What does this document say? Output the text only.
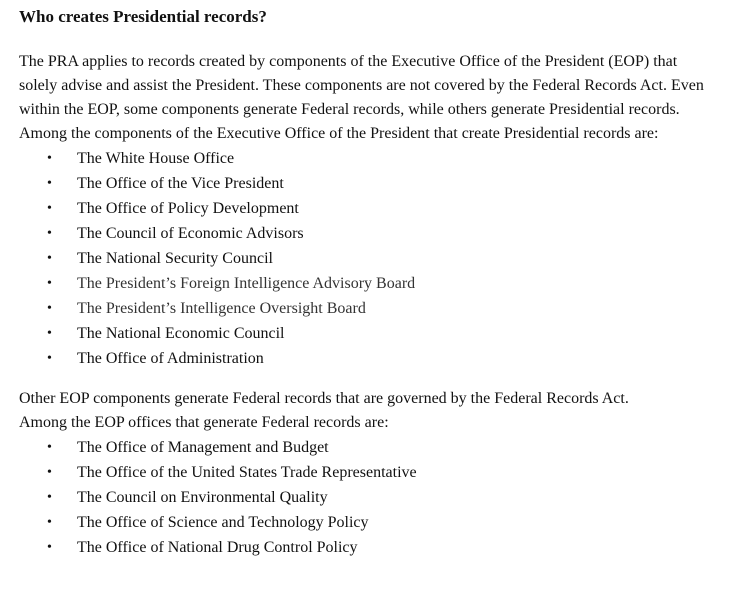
Who creates Presidential records?

The PRA applies to records created by components of the Executive Office of the President (EOP) that
solely advise and assist the President. These components are not covered by the Federal Records Act. Even
within the EOP, some components generate Federal records, while others generate Presidential records.
Among the components of the Executive Office of the President that create Presidential records are:

• The White House Office
• The Office of the Vice President
• The Office of Policy Development
• The Council of Economic Advisors
• The National Security Council
• The President’s Foreign Intelligence Advisory Board
• The President’s Intelligence Oversight Board
• The National Economic Council
• The Office of Administration

Other EOP components generate Federal records that are governed by the Federal Records Act.
Among the EOP offices that generate Federal records are:

• The Office of Management and Budget
• The Office of the United States Trade Representative
• The Council on Environmental Quality
• The Office of Science and Technology Policy
• The Office of National Drug Control Policy
